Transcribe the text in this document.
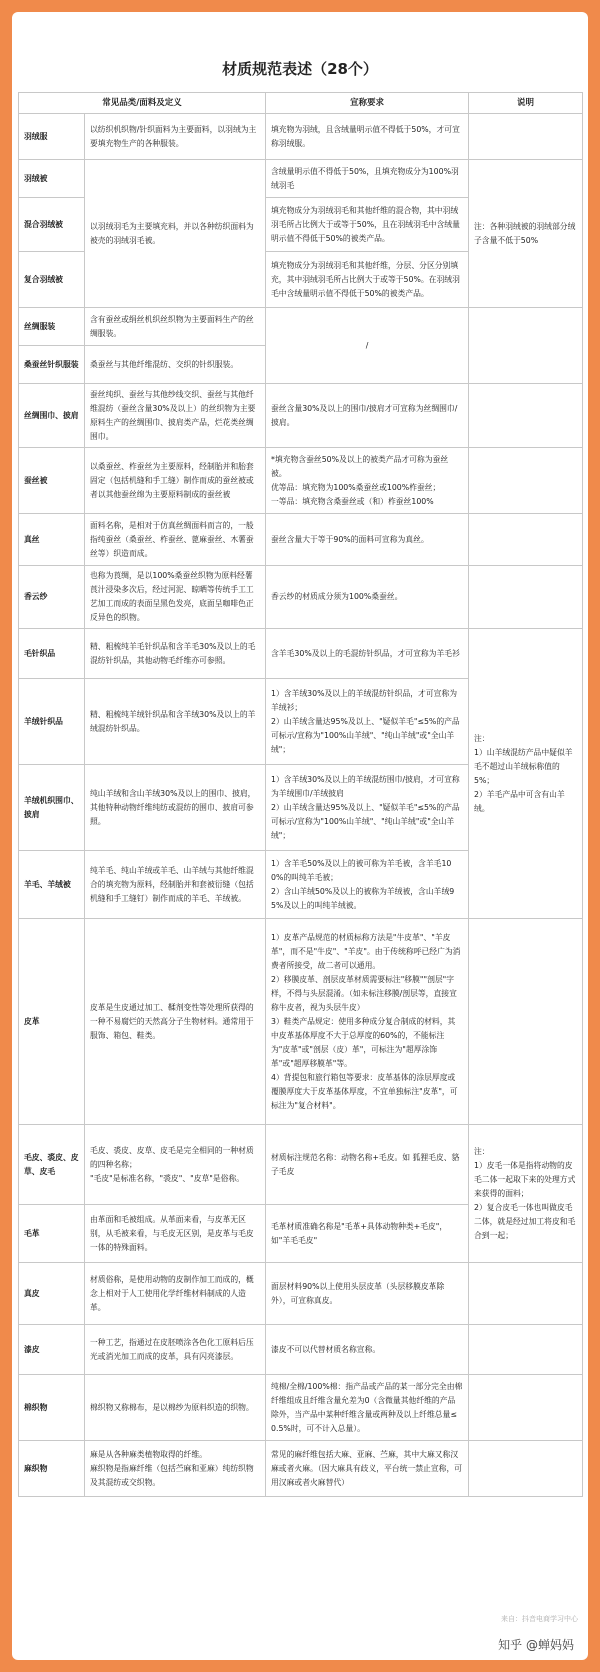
材质规范表述（28个）
常见品类/面料及定义		宣称要求	说明
羽绒服	以纺织机织物/针织面料为主要面料，以羽绒为主要填充物生产的各种服装。	填充物为羽绒，且含绒量明示值不得低于50%，才可宣称羽绒服。	
羽绒被	以羽绒羽毛为主要填充料，并以各种纺织面料为被壳的羽绒羽毛被。	含绒量明示值不得低于50%，且填充物成分为100%羽绒羽毛	注：各种羽绒被的羽绒部分绒子含量不低于50%
混合羽绒被		填充物成分为羽绒羽毛和其他纤维的混合物，其中羽绒羽毛所占比例大于或等于50%，且在羽绒羽毛中含绒量明示值不得低于50%的被类产品。	
复合羽绒被		填充物成分为羽绒羽毛和其他纤维，分层、分区分别填充，其中羽绒羽毛所占比例大于或等于50%。在羽绒羽毛中含绒量明示值不得低于50%的被类产品。	
丝绸服装	含有蚕丝或绢丝机织丝织物为主要面料生产的丝绸服装。	/	
桑蚕丝针织服装	桑蚕丝与其他纤维混纺、交织的针织服装。		
丝绸围巾、披肩	蚕丝纯织、蚕丝与其他纱线交织、蚕丝与其他纤维混纺（蚕丝含量30%及以上）的丝织物为主要原料生产的丝绸围巾、披肩类产品，烂花类丝绸围巾。	蚕丝含量30%及以上的围巾/披肩才可宣称为丝绸围巾/披肩。	
蚕丝被	以桑蚕丝、柞蚕丝为主要原料，经制胎并和胎套固定（包括机缝和手工缝）制作而成的蚕丝被或者以其他蚕丝绵为主要原料制成的蚕丝被	*填充物含蚕丝50%及以上的被类产品才可称为蚕丝被。
优等品：填充物为100%桑蚕丝或100%柞蚕丝；
一等品：填充物含桑蚕丝或（和）柞蚕丝100%	
真丝	面料名称，是相对于仿真丝绸面料而言的，一般指纯蚕丝（桑蚕丝、柞蚕丝、蓖麻蚕丝、木薯蚕丝等）织造而成。	蚕丝含量大于等于90%的面料可宣称为真丝。	
香云纱	也称为莨绸，是以100%桑蚕丝织物为原料经薯莨汁浸染多次后，经过河泥、晾晒等传统手工工艺加工而成的表面呈黑色发亮，底面呈咖啡色正反异色的织物。	香云纱的材质成分须为100%桑蚕丝。	
毛针织品	精、粗梳纯羊毛针织品和含羊毛30%及以上的毛混纺针织品，其他动物毛纤维亦可参照。	含羊毛30%及以上的毛混纺针织品，才可宣称为羊毛衫	注：
1）山羊绒混纺产品中疑似羊毛不超过山羊绒标称值的5%；
2）羊毛产品中可含有山羊绒。
羊绒针织品	精、粗梳纯羊绒针织品和含羊绒30%及以上的羊绒混纺针织品。	1）含羊绒30%及以上的羊绒混纺针织品，才可宣称为羊绒衫；
2）山羊绒含量达95%及以上、"疑似羊毛"≤5%的产品可标示/宣称为"100%山羊绒"、"纯山羊绒"或"全山羊绒"；	
羊绒机织围巾、披肩	纯山羊绒和含山羊绒30%及以上的围巾、披肩，其他特种动物纤维纯纺或混纺的围巾、披肩可参照。	1）含羊绒30%及以上的羊绒混纺围巾/披肩，才可宣称为羊绒围巾/羊绒披肩
2）山羊绒含量达95%及以上、"疑似羊毛"≤5%的产品可标示/宣称为"100%山羊绒"、"纯山羊绒"或"全山羊绒"；	
羊毛、羊绒被	纯羊毛、纯山羊绒或羊毛、山羊绒与其他纤维混合的填充物为原料，经制胎并和套被衍缝（包括机缝和手工缝钉）制作而成的羊毛、羊绒被。	1）含羊毛50%及以上的被可称为羊毛被，含羊毛100%的叫纯羊毛被；
2）含山羊绒50%及以上的被称为羊绒被，含山羊绒95%及以上的叫纯羊绒被。	
皮革	皮革是生皮通过加工、鞣剂变性等处理所获得的一种不易腐烂的天然高分子生物材料。通常用于服饰、箱包、鞋类。	1）皮革产品规范的材质标称方法是"牛皮革"、"羊皮革"，而不是"牛皮"、"羊皮"。由于传统称呼已经广为消费者所接受，故二者可以通用。
2）移膜皮革、剖层皮革材质需要标注"移膜""剖层"字样，不得与头层混淆。（如未标注移膜/剖层等，直接宣称牛皮者，视为头层牛皮）
3）鞋类产品规定：使用多种成分复合制成的材料，其中皮革基体厚度不大于总厚度的60%的，不能标注为"皮革"或"剖层（皮）革"，可标注为"超厚涂饰革"或"超厚移膜革"等。
4）背提包和旅行箱包等要求：皮革基体的涂层厚度或覆膜厚度大于皮革基体厚度，不宜单独标注"皮革"，可标注为"复合材料"。	
毛皮、裘皮、皮草、皮毛	毛皮、裘皮、皮草、皮毛是完全相同的一种材质的四种名称；
"毛皮"是标准名称，"裘皮"、"皮草"是俗称。	材质标注规范名称：动物名称+毛皮。如 狐狸毛皮、貉子毛皮	注：
1）皮毛一体是指将动物的皮毛二体一起取下来的处理方式来获得的面料；
2）复合皮毛一体也叫做皮毛二体，就是经过加工将皮和毛合到一起；
毛革	由革面和毛被组成。从革面来看，与皮革无区别，从毛被来看，与毛皮无区别，是皮革与毛皮一体的特殊面料。	毛革材质准确名称是"毛革+具体动物种类+毛皮"，如"羊毛毛皮"	
真皮	材质俗称，是使用动物的皮制作加工而成的，概念上相对于人工使用化学纤维材料制成的人造革。	面层材料90%以上使用头层皮革（头层移膜皮革除外），可宣称真皮。	
漆皮	一种工艺，指通过在皮胚喷涂各色化工原料后压光或消光加工而成的皮革，具有闪亮漆层。	漆皮不可以代替材质名称宣称。	
棉织物	棉织物又称棉布，是以棉纱为原料织造的织物。	纯棉/全棉/100%棉：指产品或产品的某一部分完全由棉纤维组成且纤维含量允差为0（含微量其他纤维的产品除外，当产品中某种纤维含量或两种及以上纤维总量≤0.5%时，可不计入总量）。	
麻织物	麻是从各种麻类植物取得的纤维。
麻织物是指麻纤维（包括苎麻和亚麻）纯纺织物及其混纺或交织物。	常见的麻纤维包括大麻、亚麻、苎麻，其中大麻又称汉麻或者火麻。（因大麻具有歧义，平台统一禁止宣称，可用汉麻或者火麻替代）	
来自：抖音电商学习中心
知乎 @蝉妈妈
